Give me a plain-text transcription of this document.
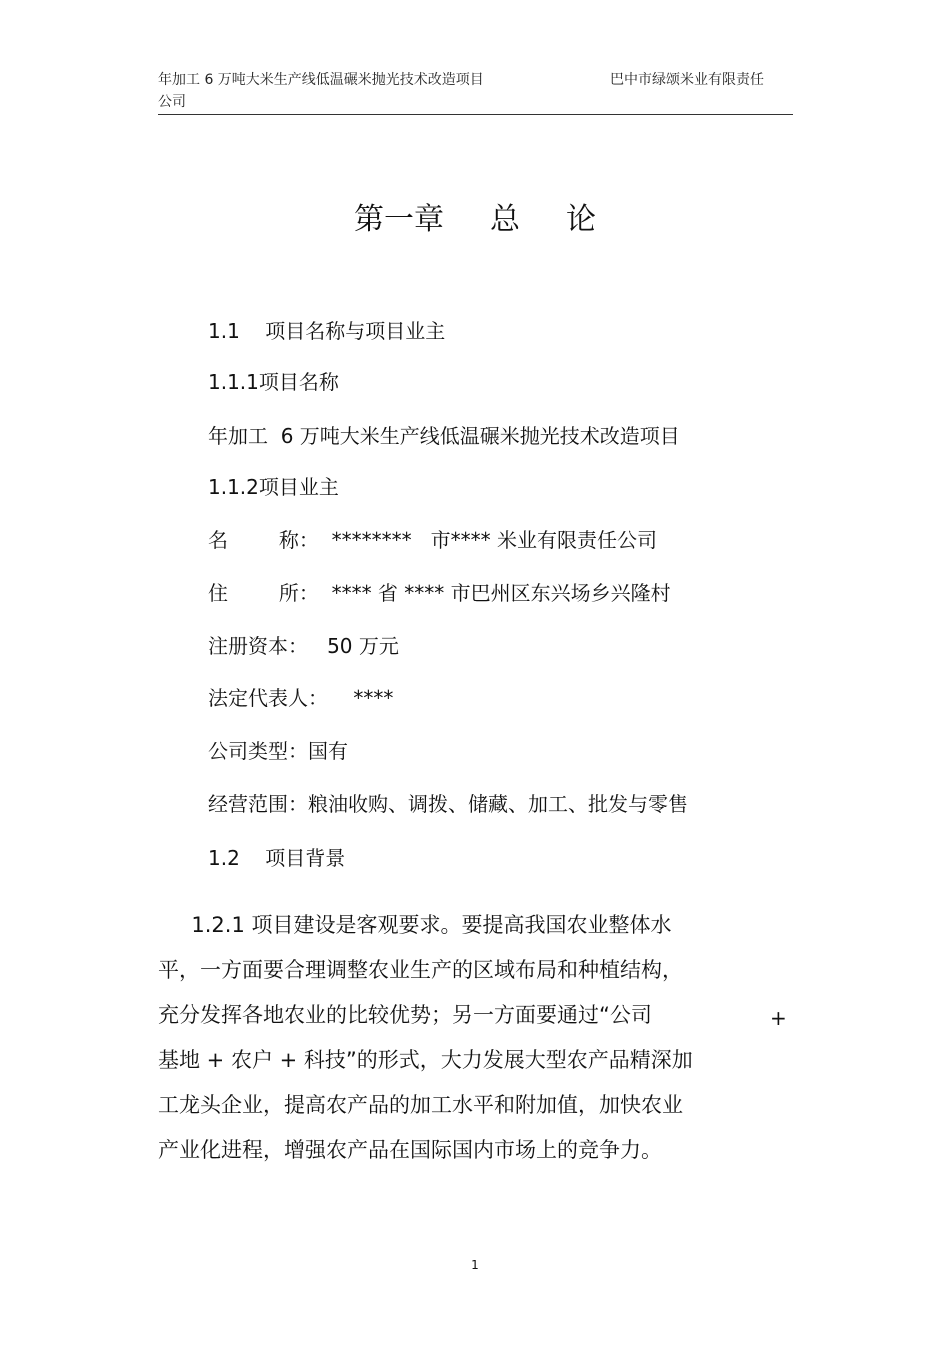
年加工 6 万吨大米生产线低温碾米抛光技术改造项目
公司
巴中市绿颂米业有限责任
第一章 总 论
1.1    项目名称与项目业主
1.1.1项目名称
年加工  6 万吨大米生产线低温碾米抛光技术改造项目
1.1.2项目业主
名        称：  ********   市**** 米业有限责任公司
住        所：  **** 省 **** 市巴州区东兴场乡兴隆村
注册资本：   50 万元
法定代表人：    ****
公司类型：国有
经营范围：粮油收购、调拨、储藏、加工、批发与零售
1.2    项目背景
1.2.1 项目建设是客观要求。要提高我国农业整体水
平，一方面要合理调整农业生产的区域布局和种植结构，
充分发挥各地农业的比较优势；另一方面要通过“公司	+
基地 + 农户 + 科技”的形式，大力发展大型农产品精深加
工龙头企业，提高农产品的加工水平和附加值，加快农业
产业化进程，增强农产品在国际国内市场上的竞争力。
1
